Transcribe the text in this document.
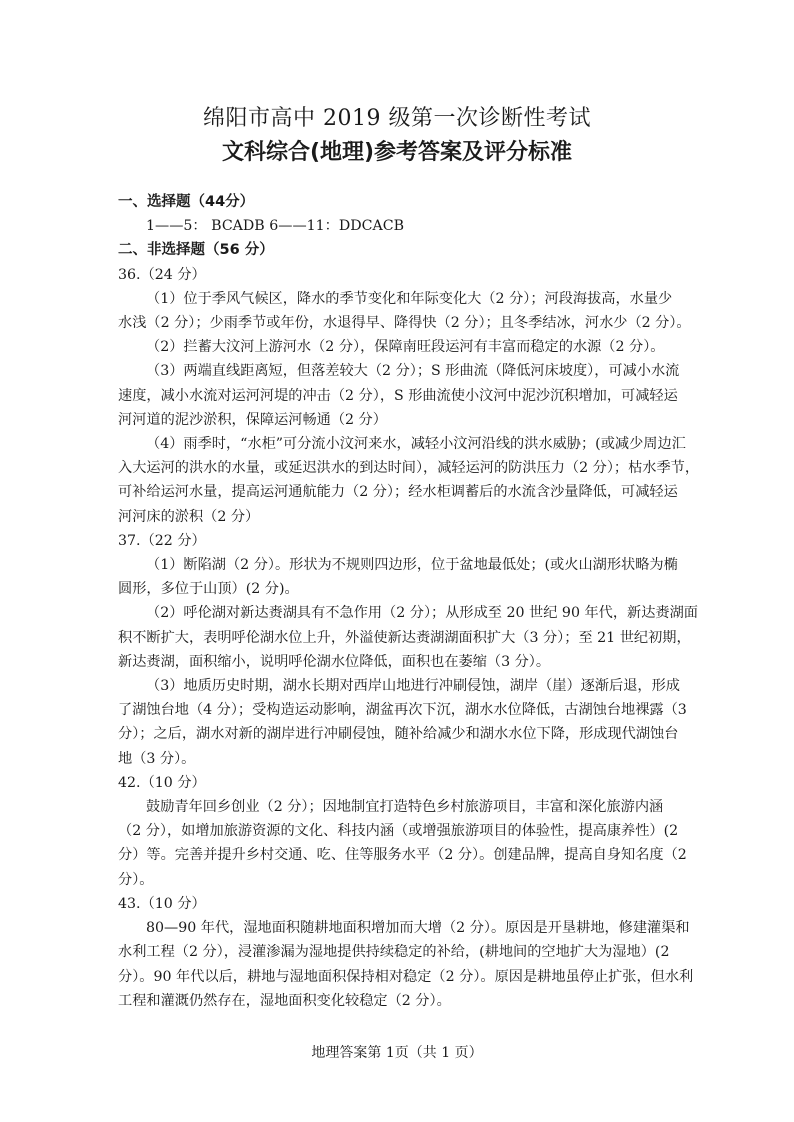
绵阳市高中 2019 级第一次诊断性考试
文科综合(地理)参考答案及评分标准
一、选择题（44分）
1——5： BCADB 6——11：DDCACB
二、非选择题（56 分）
36.（24 分）
（1）位于季风气候区，降水的季节变化和年际变化大（2 分）；河段海拔高，水量少
水浅（2 分）；少雨季节或年份，水退得早、降得快（2 分）；且冬季结冰，河水少（2 分）。
（2）拦蓄大汶河上游河水（2 分），保障南旺段运河有丰富而稳定的水源（2 分）。
（3）两端直线距离短，但落差较大（2 分）；S 形曲流（降低河床坡度），可减小水流
速度，减小水流对运河河堤的冲击（2 分），S 形曲流使小汶河中泥沙沉积增加，可减轻运
河河道的泥沙淤积，保障运河畅通（2 分）
（4）雨季时，“水柜”可分流小汶河来水，减轻小汶河沿线的洪水威胁；(或减少周边汇
入大运河的洪水的水量，或延迟洪水的到达时间），减轻运河的防洪压力（2 分）；枯水季节，
可补给运河水量，提高运河通航能力（2 分）；经水柜调蓄后的水流含沙量降低，可减轻运
河河床的淤积（2 分）
37.（22 分）
（1）断陷湖（2 分）。形状为不规则四边形，位于盆地最低处；(或火山湖形状略为椭
圆形，多位于山顶）(2 分)。
（2）呼伦湖对新达赉湖具有不急作用（2 分）；从形成至 20 世纪 90 年代，新达赉湖面
积不断扩大，表明呼伦湖水位上升，外溢使新达赉湖湖面积扩大（3 分）；至 21 世纪初期，
新达赉湖，面积缩小，说明呼伦湖水位降低，面积也在萎缩（3 分）。
（3）地质历史时期，湖水长期对西岸山地进行冲刷侵蚀，湖岸（崖）逐渐后退，形成
了湖蚀台地（4 分）；受构造运动影响，湖盆再次下沉，湖水水位降低，古湖蚀台地裸露（3
分）；之后，湖水对新的湖岸进行冲刷侵蚀，随补给减少和湖水水位下降，形成现代湖蚀台
地（3 分）。
42.（10 分）
鼓励青年回乡创业（2 分）；因地制宜打造特色乡村旅游项目，丰富和深化旅游内涵
（2 分），如增加旅游资源的文化、科技内涵（或增强旅游项目的体验性，提高康养性）(2
分）等。完善并提升乡村交通、吃、住等服务水平（2 分）。创建品牌，提高自身知名度（2
分）。
43.（10 分）
80—90 年代，湿地面积随耕地面积增加而大增（2 分）。原因是开垦耕地，修建灌渠和
水利工程（2 分），浸灌渗漏为湿地提供持续稳定的补给，(耕地间的空地扩大为湿地）(2
分）。90 年代以后，耕地与湿地面积保持相对稳定（2 分）。原因是耕地虽停止扩张，但水利
工程和灌溉仍然存在，湿地面积变化较稳定（2 分）。
地理答案第 1页（共 1 页）
